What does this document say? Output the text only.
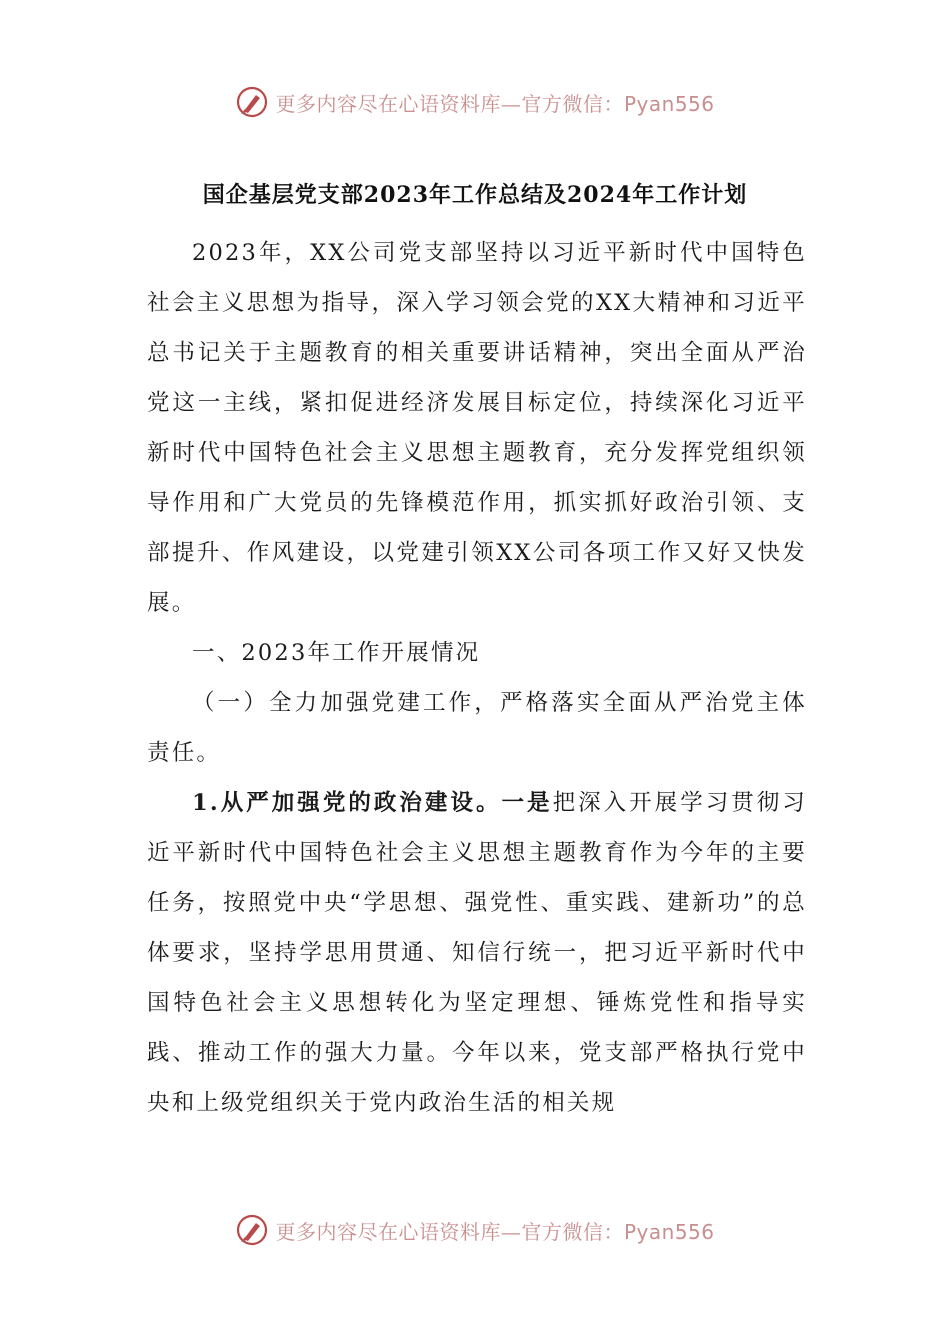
更多内容尽在心语资料库—官方微信：Pyan556
国企基层党支部2023年工作总结及2024年工作计划

2023年，XX公司党支部坚持以习近平新时代中国特色社会主义思想为指导，深入学习领会党的XX大精神和习近平总书记关于主题教育的相关重要讲话精神，突出全面从严治党这一主线，紧扣促进经济发展目标定位，持续深化习近平新时代中国特色社会主义思想主题教育，充分发挥党组织领导作用和广大党员的先锋模范作用，抓实抓好政治引领、支部提升、作风建设，以党建引领XX公司各项工作又好又快发展。

一、2023年工作开展情况

（一）全力加强党建工作，严格落实全面从严治党主体责任。

1.从严加强党的政治建设。一是把深入开展学习贯彻习近平新时代中国特色社会主义思想主题教育作为今年的主要任务，按照党中央“学思想、强党性、重实践、建新功”的总体要求，坚持学思用贯通、知信行统一，把习近平新时代中国特色社会主义思想转化为坚定理想、锤炼党性和指导实践、推动工作的强大力量。今年以来，党支部严格执行党中央和上级党组织关于党内政治生活的相关规

更多内容尽在心语资料库—官方微信：Pyan556
